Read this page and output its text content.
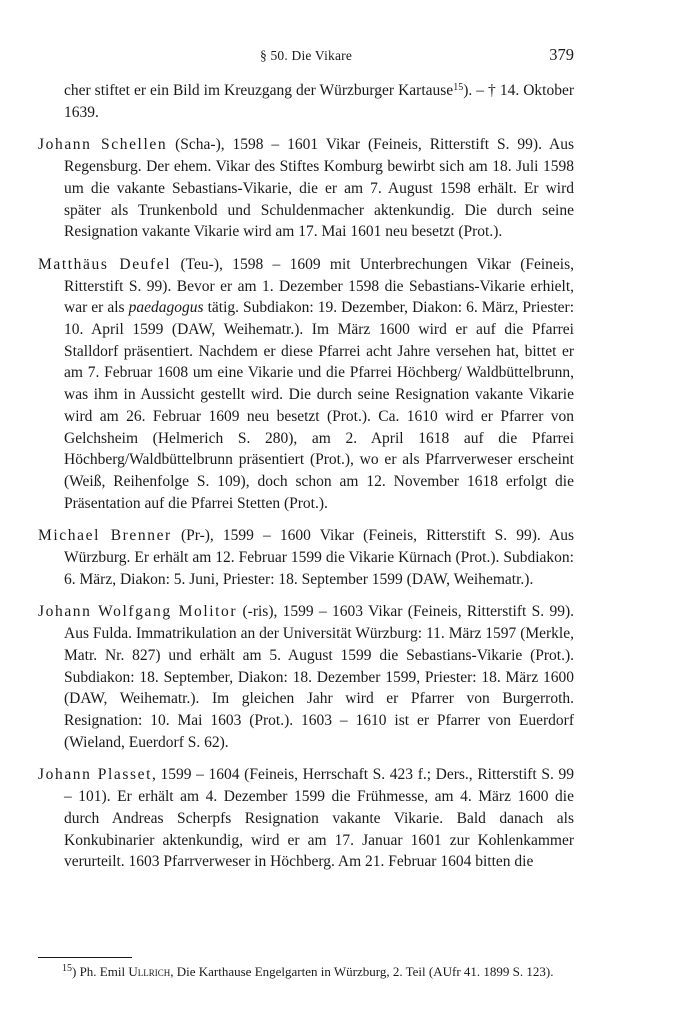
§ 50. Die Vikare	379

cher stiftet er ein Bild im Kreuzgang der Würzburger Kartause$^{15}$). – † 14. Oktober 1639.

Johann Schellen (Scha-), 1598 – 1601 Vikar (Feineis, Ritterstift S. 99). Aus Regensburg. Der ehem. Vikar des Stiftes Komburg bewirbt sich am 18. Juli 1598 um die vakante Sebastians-Vikarie, die er am 7. August 1598 erhält. Er wird später als Trunkenbold und Schuldenmacher aktenkundig. Die durch seine Resignation vakante Vikarie wird am 17. Mai 1601 neu besetzt (Prot.).

Matthäus Deufel (Teu-), 1598 – 1609 mit Unterbrechungen Vikar (Feineis, Ritterstift S. 99). Bevor er am 1. Dezember 1598 die Sebastians-Vikarie erhielt, war er als paedagogus tätig. Subdiakon: 19. Dezember, Diakon: 6. März, Priester: 10. April 1599 (DAW, Weihematr.). Im März 1600 wird er auf die Pfarrei Stalldorf präsentiert. Nachdem er diese Pfarrei acht Jahre versehen hat, bittet er am 7. Februar 1608 um eine Vikarie und die Pfarrei Höchberg/ Waldbüttelbrunn, was ihm in Aussicht gestellt wird. Die durch seine Resignation vakante Vikarie wird am 26. Februar 1609 neu besetzt (Prot.). Ca. 1610 wird er Pfarrer von Gelchsheim (Helmerich S. 280), am 2. April 1618 auf die Pfarrei Höchberg/Waldbüttelbrunn präsentiert (Prot.), wo er als Pfarrverweser erscheint (Weiß, Reihenfolge S. 109), doch schon am 12. November 1618 erfolgt die Präsentation auf die Pfarrei Stetten (Prot.).

Michael Brenner (Pr-), 1599 – 1600 Vikar (Feineis, Ritterstift S. 99). Aus Würzburg. Er erhält am 12. Februar 1599 die Vikarie Kürnach (Prot.). Subdiakon: 6. März, Diakon: 5. Juni, Priester: 18. September 1599 (DAW, Weihematr.).

Johann Wolfgang Molitor (-ris), 1599 – 1603 Vikar (Feineis, Ritterstift S. 99). Aus Fulda. Immatrikulation an der Universität Würzburg: 11. März 1597 (Merkle, Matr. Nr. 827) und erhält am 5. August 1599 die Sebastians-Vikarie (Prot.). Subdiakon: 18. September, Diakon: 18. Dezember 1599, Priester: 18. März 1600 (DAW, Weihematr.). Im gleichen Jahr wird er Pfarrer von Burgerroth. Resignation: 10. Mai 1603 (Prot.). 1603 – 1610 ist er Pfarrer von Euerdorf (Wieland, Euerdorf S. 62).

Johann Plasset, 1599 – 1604 (Feineis, Herrschaft S. 423 f.; Ders., Ritterstift S. 99 – 101). Er erhält am 4. Dezember 1599 die Frühmesse, am 4. März 1600 die durch Andreas Scherpfs Resignation vakante Vikarie. Bald danach als Konkubinarier aktenkundig, wird er am 17. Januar 1601 zur Kohlenkammer verurteilt. 1603 Pfarrverweser in Höchberg. Am 21. Februar 1604 bitten die

$^{15}$) Ph. Emil Ullrich, Die Karthause Engelgarten in Würzburg, 2. Teil (AUfr 41. 1899 S. 123).
